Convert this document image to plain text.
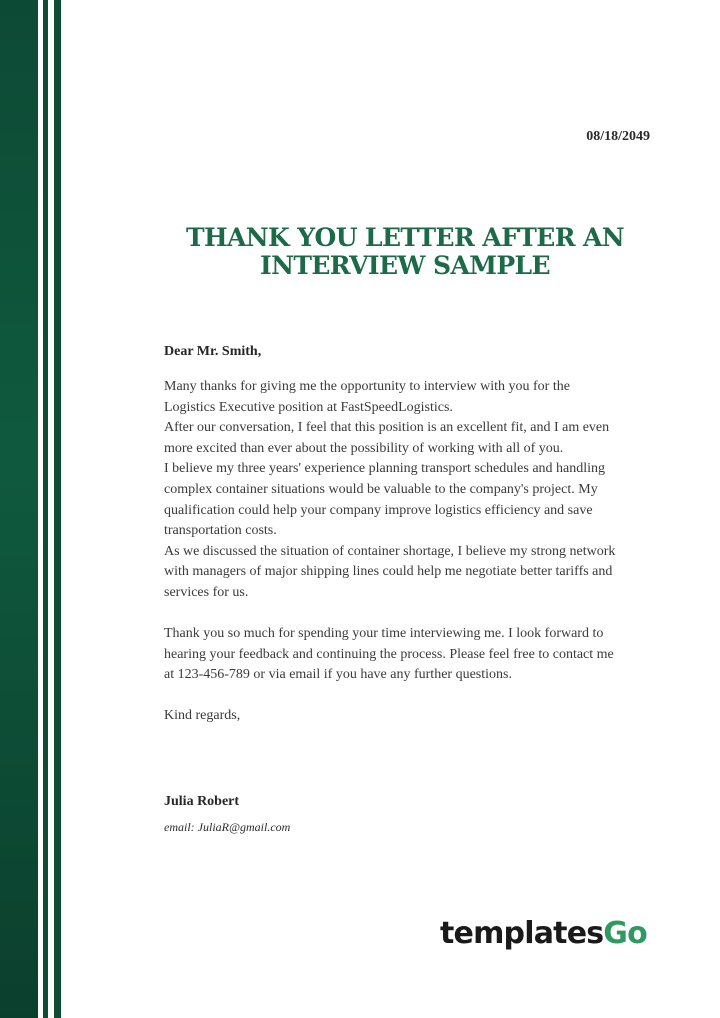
08/18/2049
THANK YOU LETTER AFTER AN
INTERVIEW SAMPLE
Dear Mr. Smith,

Many thanks for giving me the opportunity to interview with you for the

Logistics Executive position at FastSpeedLogistics.

After our conversation, I feel that this position is an excellent fit, and I am even

more excited than ever about the possibility of working with all of you.

I believe my three years' experience planning transport schedules and handling

complex container situations would be valuable to the company's project. My

qualification could help your company improve logistics efficiency and save

transportation costs.

As we discussed the situation of container shortage, I believe my strong network

with managers of major shipping lines could help me negotiate better tariffs and

services for us.

Thank you so much for spending your time interviewing me. I look forward to

hearing your feedback and continuing the process. Please feel free to contact me

at 123-456-789 or via email if you have any further questions.

Kind regards,
Julia Robert
email: JuliaR@gmail.com
templatesGo
